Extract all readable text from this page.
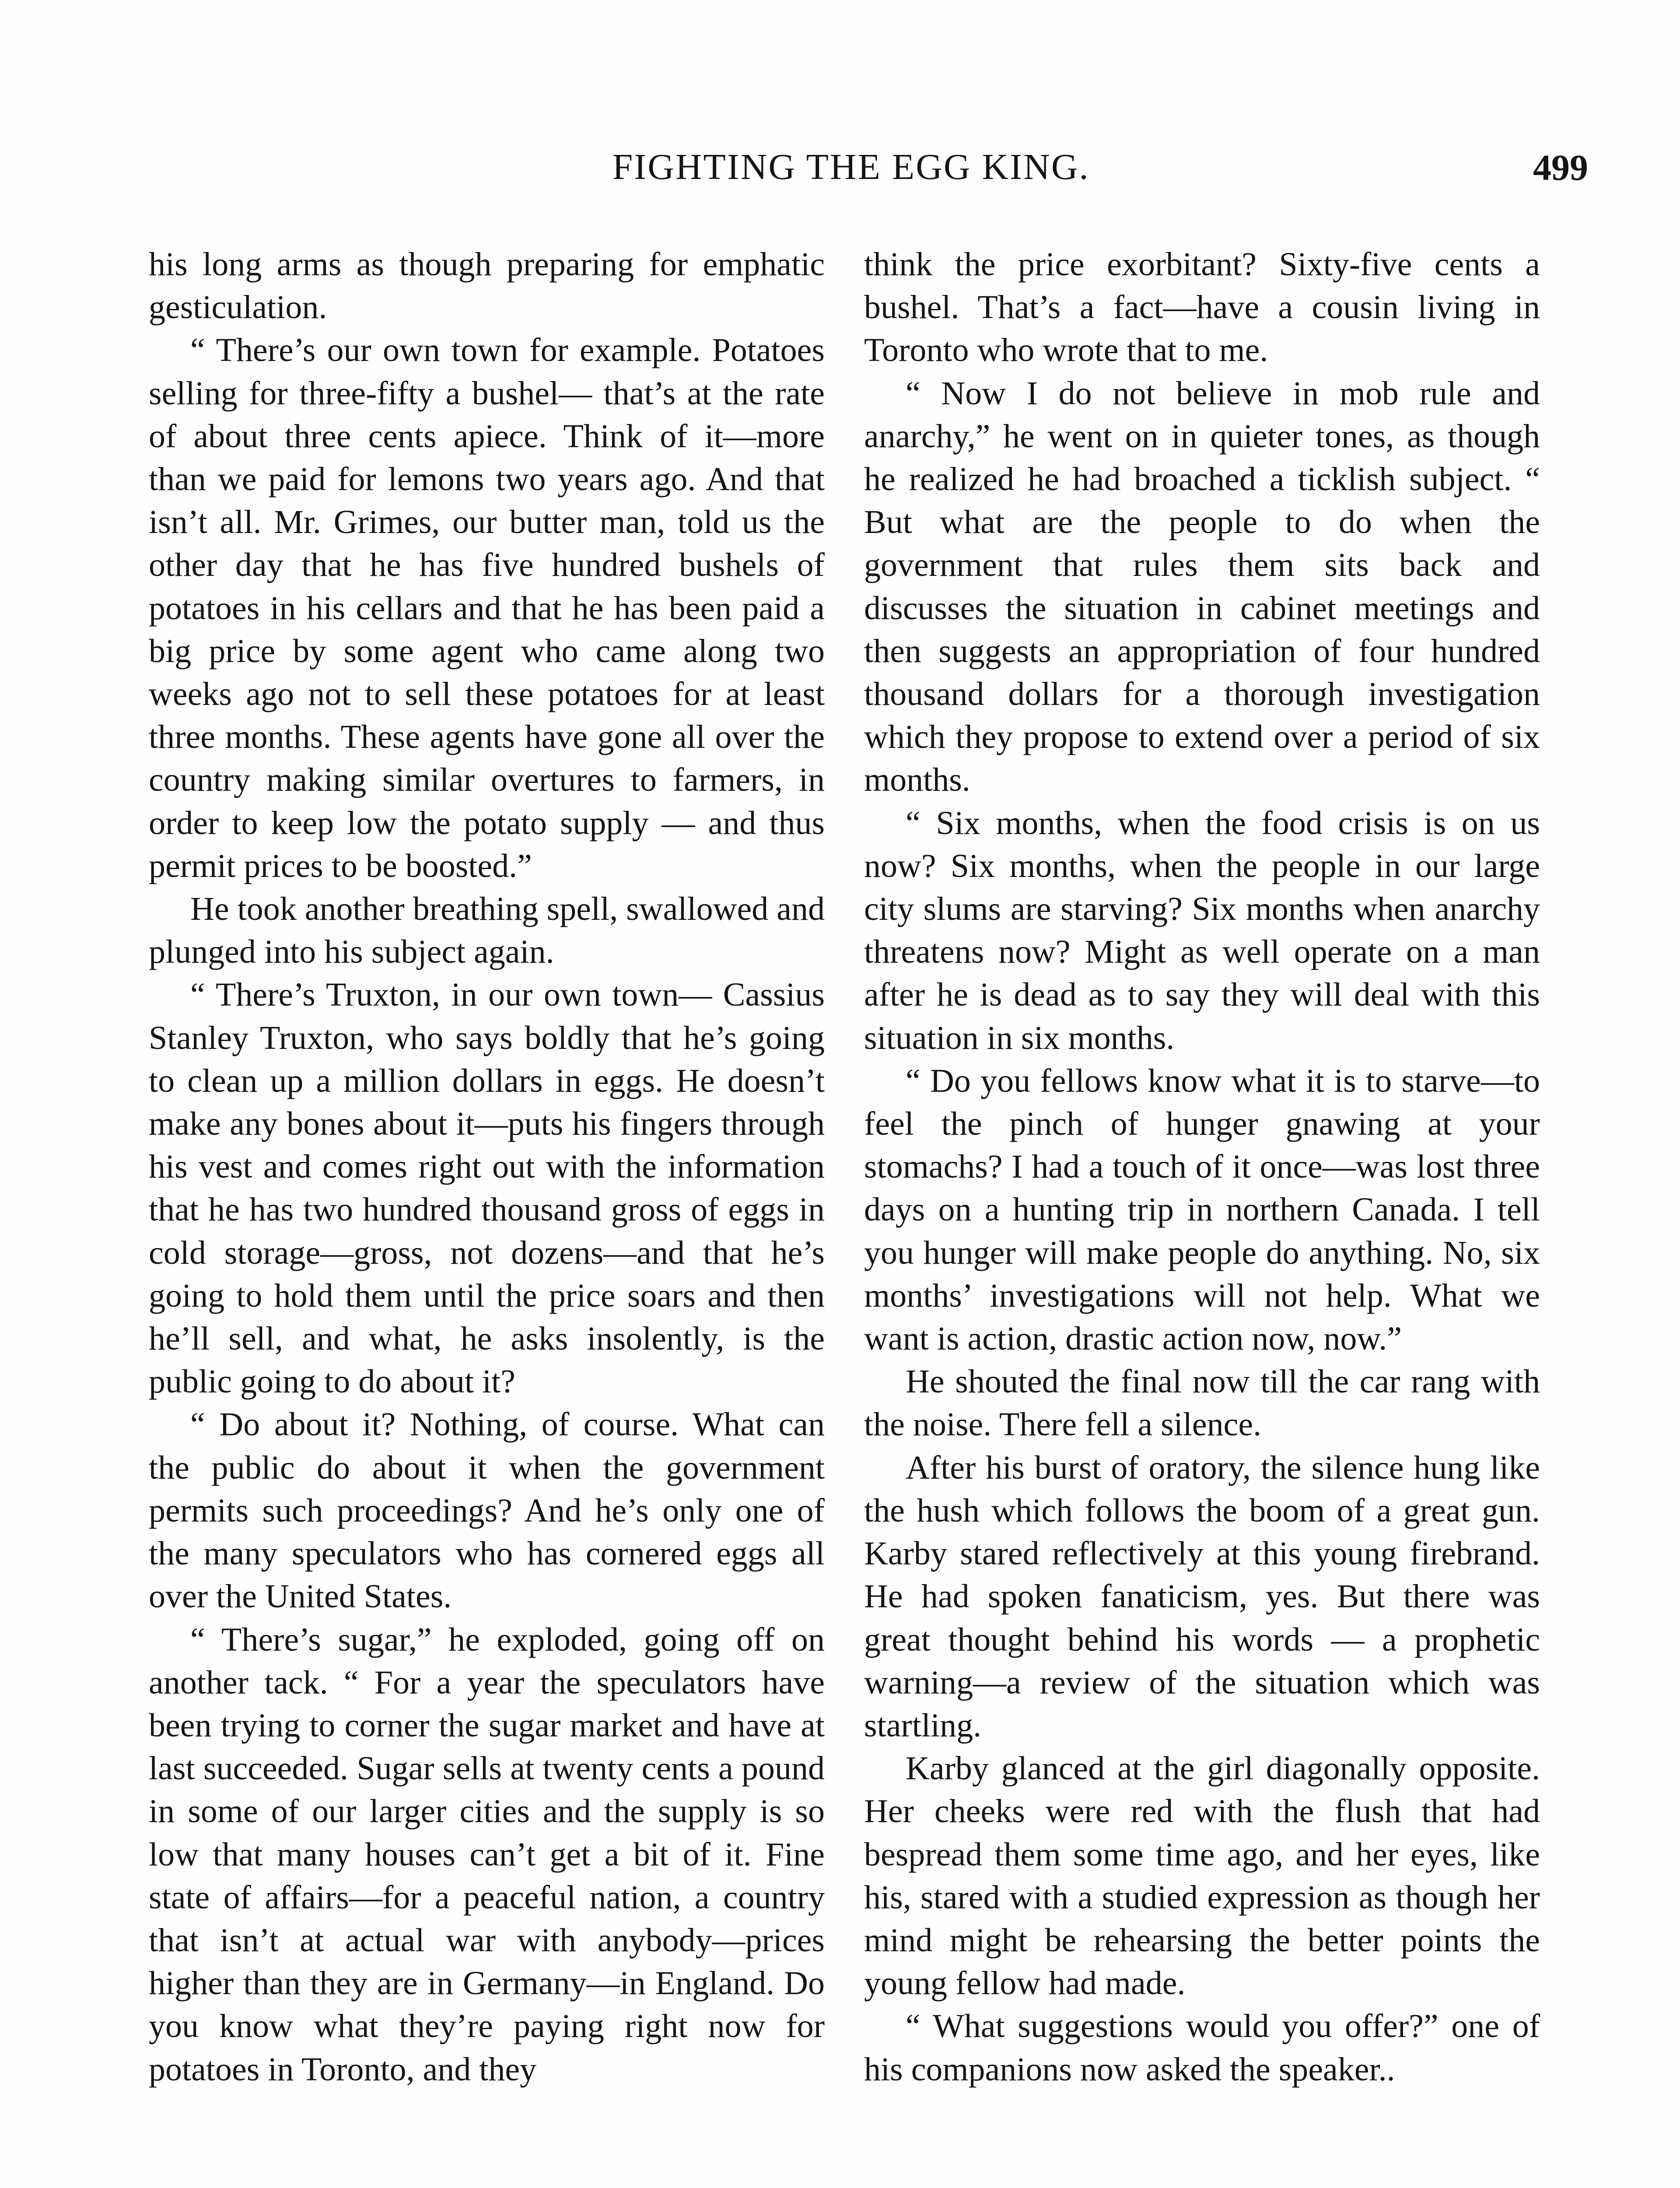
FIGHTING THE EGG KING.	499

his long arms as though preparing for emphatic gesticulation.

“ There’s our own town for example. Potatoes selling for three-fifty a bushel— that’s at the rate of about three cents apiece. Think of it—more than we paid for lemons two years ago. And that isn’t all. Mr. Grimes, our butter man, told us the other day that he has five hundred bushels of potatoes in his cellars and that he has been paid a big price by some agent who came along two weeks ago not to sell these potatoes for at least three months. These agents have gone all over the country making similar overtures to farmers, in order to keep low the potato supply — and thus permit prices to be boosted.”

He took another breathing spell, swallowed and plunged into his subject again.

“ There’s Truxton, in our own town— Cassius Stanley Truxton, who says boldly that he’s going to clean up a million dollars in eggs. He doesn’t make any bones about it—puts his fingers through his vest and comes right out with the information that he has two hundred thousand gross of eggs in cold storage—gross, not dozens—and that he’s going to hold them until the price soars and then he’ll sell, and what, he asks insolently, is the public going to do about it?

“ Do about it? Nothing, of course. What can the public do about it when the government permits such proceedings? And he’s only one of the many speculators who has cornered eggs all over the United States.

“ There’s sugar,” he exploded, going off on another tack. “ For a year the speculators have been trying to corner the sugar market and have at last succeeded. Sugar sells at twenty cents a pound in some of our larger cities and the supply is so low that many houses can’t get a bit of it. Fine state of affairs—for a peaceful nation, a country that isn’t at actual war with anybody—prices higher than they are in Germany—in England. Do you know what they’re paying right now for potatoes in Toronto, and they

think the price exorbitant? Sixty-five cents a bushel. That’s a fact—have a cousin living in Toronto who wrote that to me.

“ Now I do not believe in mob rule and anarchy,” he went on in quieter tones, as though he realized he had broached a ticklish subject. “ But what are the people to do when the government that rules them sits back and discusses the situation in cabinet meetings and then suggests an appropriation of four hundred thousand dollars for a thorough investigation which they propose to extend over a period of six months.

“ Six months, when the food crisis is on us now? Six months, when the people in our large city slums are starving? Six months when anarchy threatens now? Might as well operate on a man after he is dead as to say they will deal with this situation in six months.

“ Do you fellows know what it is to starve—to feel the pinch of hunger gnawing at your stomachs? I had a touch of it once—was lost three days on a hunting trip in northern Canada. I tell you hunger will make people do anything. No, six months’ investigations will not help. What we want is action, drastic action now, now.”

He shouted the final now till the car rang with the noise. There fell a silence.

After his burst of oratory, the silence hung like the hush which follows the boom of a great gun. Karby stared reflectively at this young firebrand. He had spoken fanaticism, yes. But there was great thought behind his words — a prophetic warning—a review of the situation which was startling.

Karby glanced at the girl diagonally opposite. Her cheeks were red with the flush that had bespread them some time ago, and her eyes, like his, stared with a studied expression as though her mind might be rehearsing the better points the young fellow had made.

“ What suggestions would you offer?” one of his companions now asked the speaker..
